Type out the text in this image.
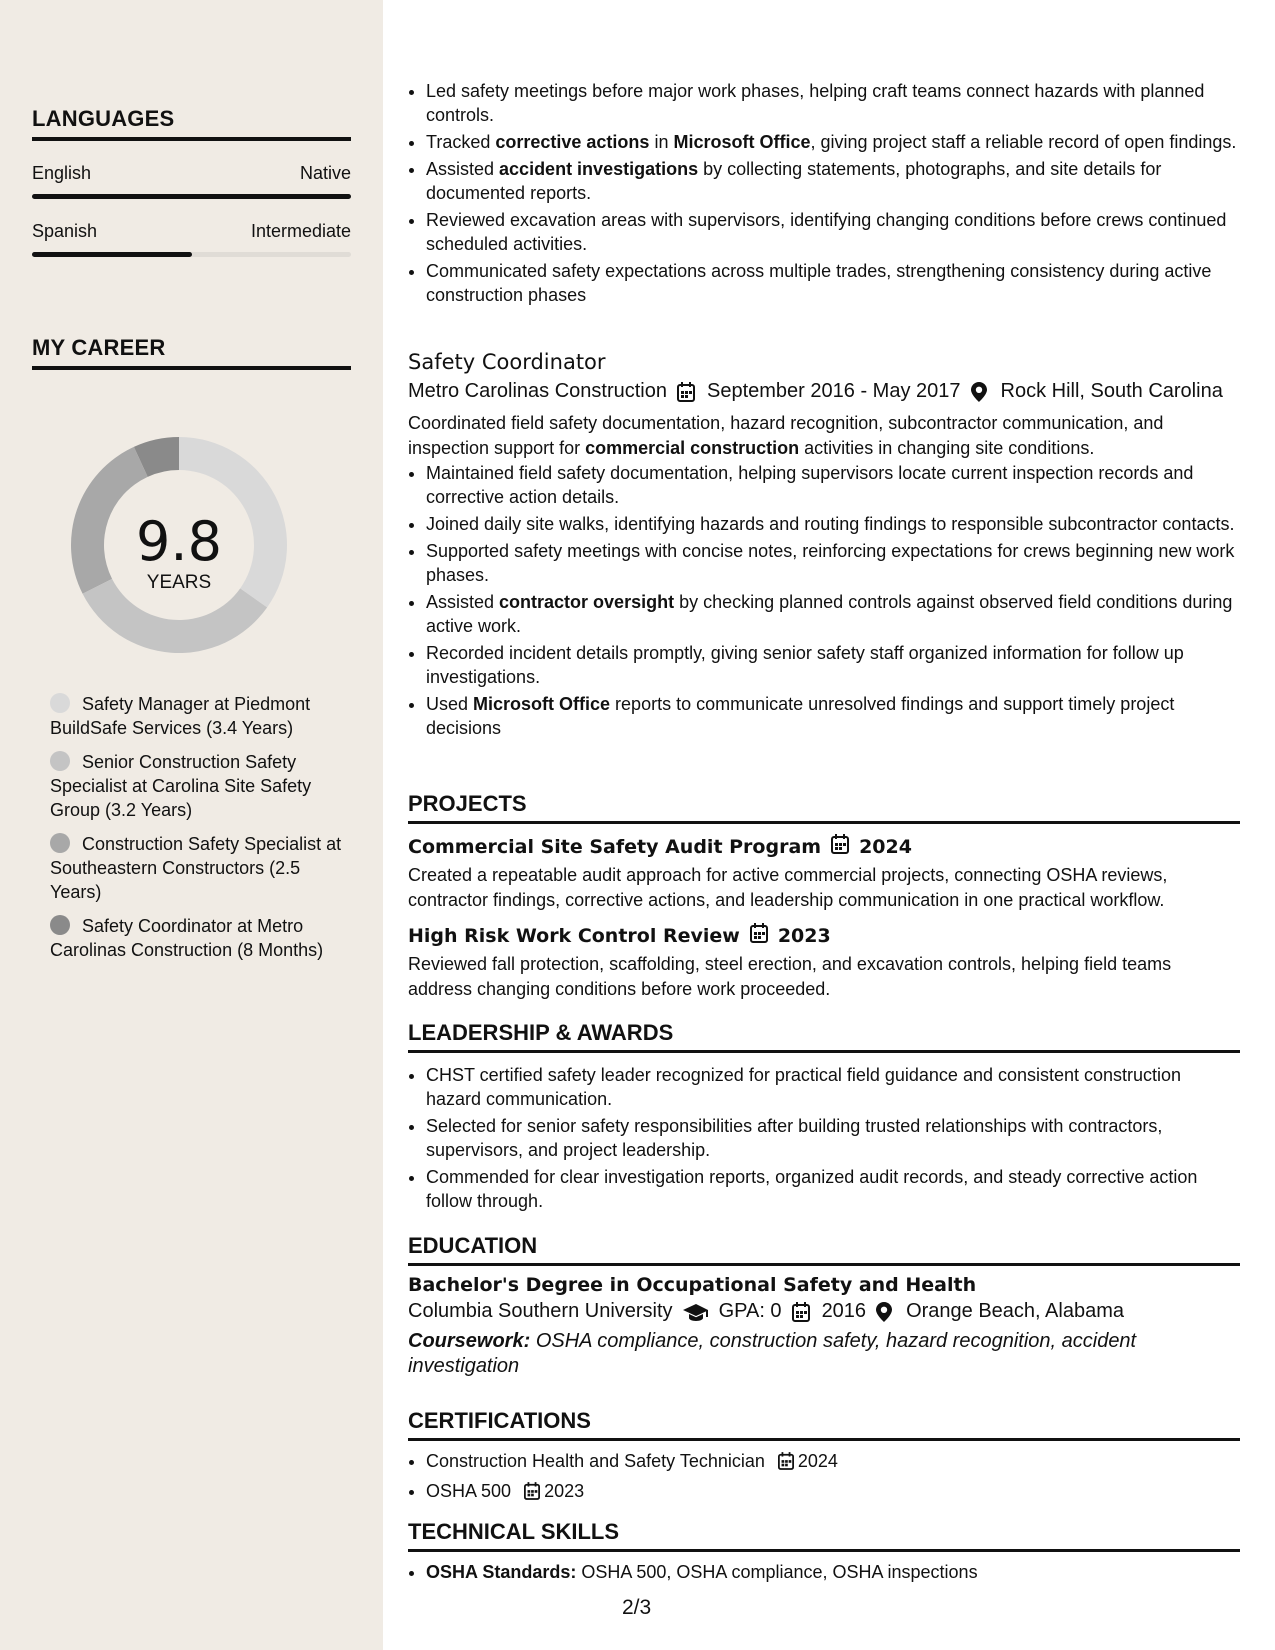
LANGUAGES
English	Native
Spanish	Intermediate
MY CAREER
9.8
YEARS
Safety Manager at Piedmont BuildSafe Services (3.4 Years)
Senior Construction Safety Specialist at Carolina Site Safety Group (3.2 Years)
Construction Safety Specialist at Southeastern Constructors (2.5 Years)
Safety Coordinator at Metro Carolinas Construction (8 Months)
• Led safety meetings before major work phases, helping craft teams connect hazards with planned controls.
• Tracked corrective actions in Microsoft Office, giving project staff a reliable record of open findings.
• Assisted accident investigations by collecting statements, photographs, and site details for documented reports.
• Reviewed excavation areas with supervisors, identifying changing conditions before crews continued scheduled activities.
• Communicated safety expectations across multiple trades, strengthening consistency during active construction phases
Safety Coordinator
Metro Carolinas Construction September 2016 - May 2017 Rock Hill, South Carolina
Coordinated field safety documentation, hazard recognition, subcontractor communication, and inspection support for commercial construction activities in changing site conditions.
• Maintained field safety documentation, helping supervisors locate current inspection records and corrective action details.
• Joined daily site walks, identifying hazards and routing findings to responsible subcontractor contacts.
• Supported safety meetings with concise notes, reinforcing expectations for crews beginning new work phases.
• Assisted contractor oversight by checking planned controls against observed field conditions during active work.
• Recorded incident details promptly, giving senior safety staff organized information for follow up investigations.
• Used Microsoft Office reports to communicate unresolved findings and support timely project decisions
PROJECTS
Commercial Site Safety Audit Program 2024
Created a repeatable audit approach for active commercial projects, connecting OSHA reviews, contractor findings, corrective actions, and leadership communication in one practical workflow.
High Risk Work Control Review 2023
Reviewed fall protection, scaffolding, steel erection, and excavation controls, helping field teams address changing conditions before work proceeded.
LEADERSHIP & AWARDS
• CHST certified safety leader recognized for practical field guidance and consistent construction hazard communication.
• Selected for senior safety responsibilities after building trusted relationships with contractors, supervisors, and project leadership.
• Commended for clear investigation reports, organized audit records, and steady corrective action follow through.
EDUCATION
Bachelor's Degree in Occupational Safety and Health
Columbia Southern University GPA: 0 2016 Orange Beach, Alabama
Coursework: OSHA compliance, construction safety, hazard recognition, accident investigation
CERTIFICATIONS
• Construction Health and Safety Technician 2024
• OSHA 500 2023
TECHNICAL SKILLS
• OSHA Standards: OSHA 500, OSHA compliance, OSHA inspections
2/3
